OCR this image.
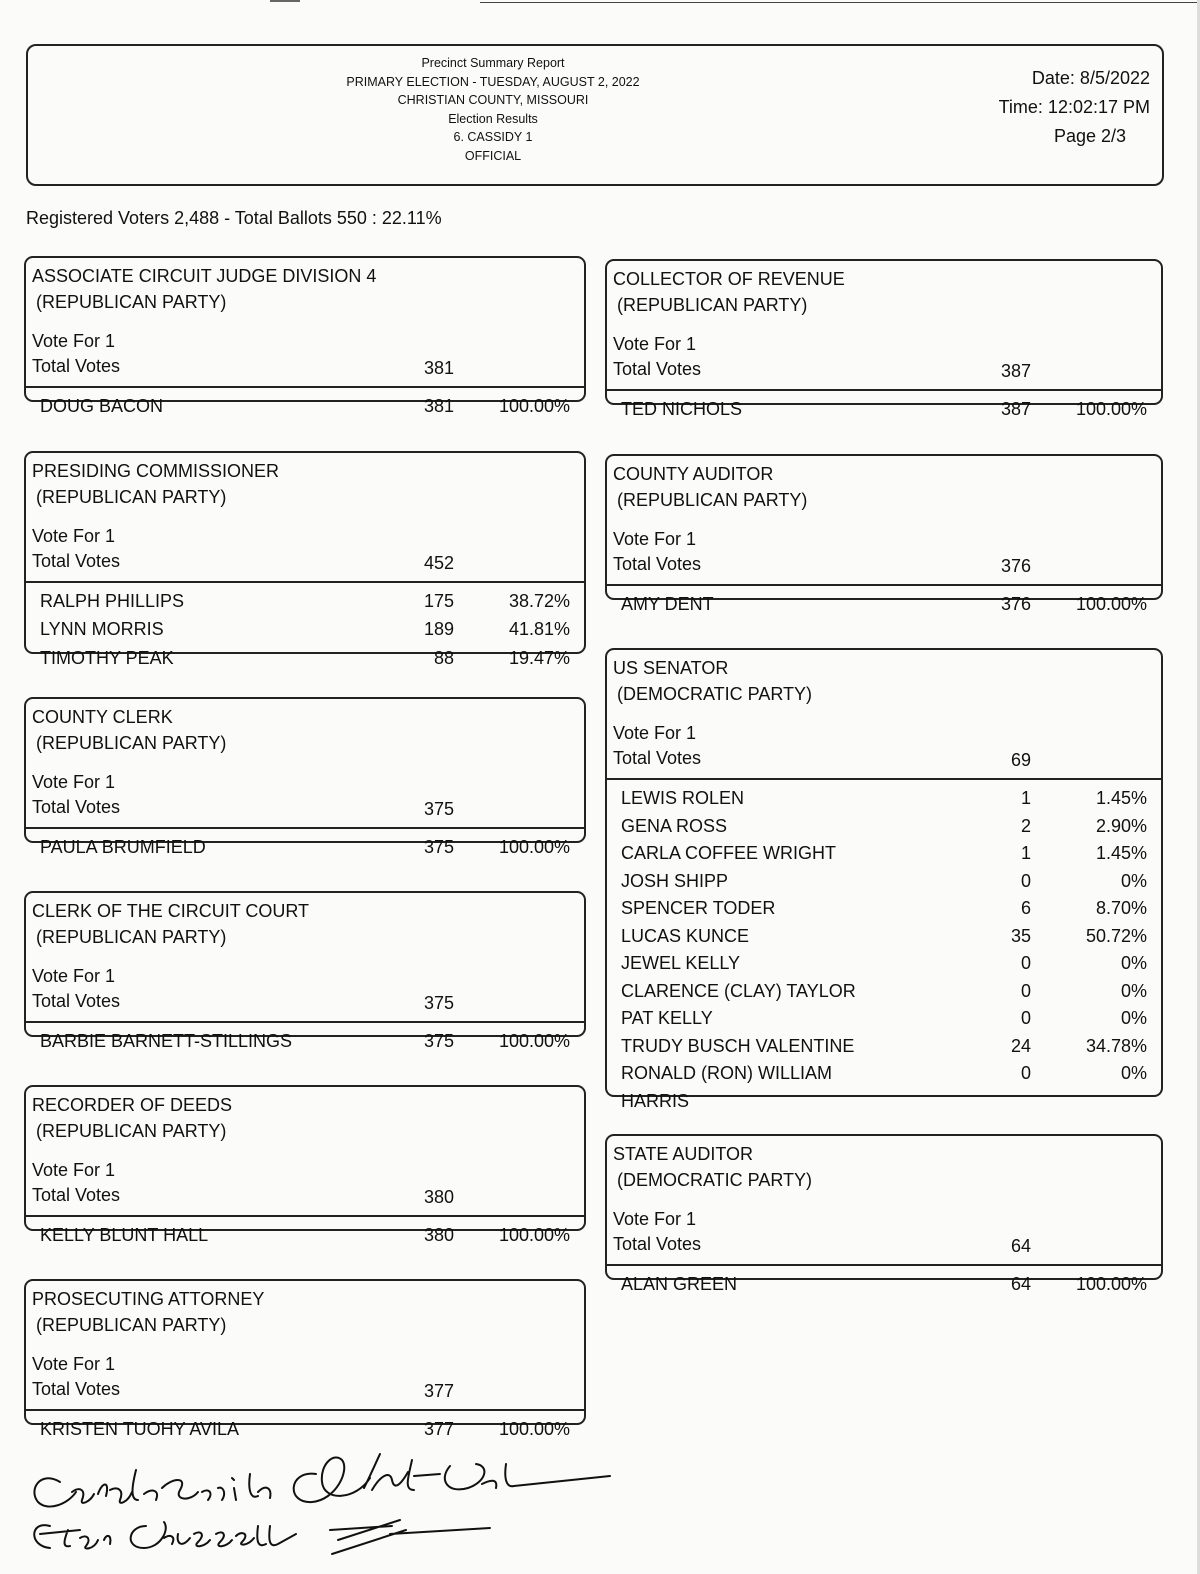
Precinct Summary Report
PRIMARY ELECTION - TUESDAY, AUGUST 2, 2022
CHRISTIAN COUNTY, MISSOURI
Election Results
6. CASSIDY 1
OFFICIAL
Date: 8/5/2022
Time: 12:02:17 PM
Page 2/3
Registered Voters 2,488 - Total Ballots 550 : 22.11%
ASSOCIATE CIRCUIT JUDGE DIVISION 4
(REPUBLICAN PARTY)
Vote For 1
Total Votes	381
DOUG BACON	381	100.00%
PRESIDING COMMISSIONER
(REPUBLICAN PARTY)
Vote For 1
Total Votes	452
RALPH PHILLIPS	175	38.72%
LYNN MORRIS	189	41.81%
TIMOTHY PEAK	88	19.47%
COUNTY CLERK
(REPUBLICAN PARTY)
Vote For 1
Total Votes	375
PAULA BRUMFIELD	375	100.00%
CLERK OF THE CIRCUIT COURT
(REPUBLICAN PARTY)
Vote For 1
Total Votes	375
BARBIE BARNETT-STILLINGS	375	100.00%
RECORDER OF DEEDS
(REPUBLICAN PARTY)
Vote For 1
Total Votes	380
KELLY BLUNT HALL	380	100.00%
PROSECUTING ATTORNEY
(REPUBLICAN PARTY)
Vote For 1
Total Votes	377
KRISTEN TUOHY AVILA	377	100.00%
COLLECTOR OF REVENUE
(REPUBLICAN PARTY)
Vote For 1
Total Votes	387
TED NICHOLS	387	100.00%
COUNTY AUDITOR
(REPUBLICAN PARTY)
Vote For 1
Total Votes	376
AMY DENT	376	100.00%
US SENATOR
(DEMOCRATIC PARTY)
Vote For 1
Total Votes	69
LEWIS ROLEN	1	1.45%
GENA ROSS	2	2.90%
CARLA COFFEE WRIGHT	1	1.45%
JOSH SHIPP	0	0%
SPENCER TODER	6	8.70%
LUCAS KUNCE	35	50.72%
JEWEL KELLY	0	0%
CLARENCE (CLAY) TAYLOR	0	0%
PAT KELLY	0	0%
TRUDY BUSCH VALENTINE	24	34.78%
RONALD (RON) WILLIAM	0	0%
HARRIS
STATE AUDITOR
(DEMOCRATIC PARTY)
Vote For 1
Total Votes	64
ALAN GREEN	64	100.00%
